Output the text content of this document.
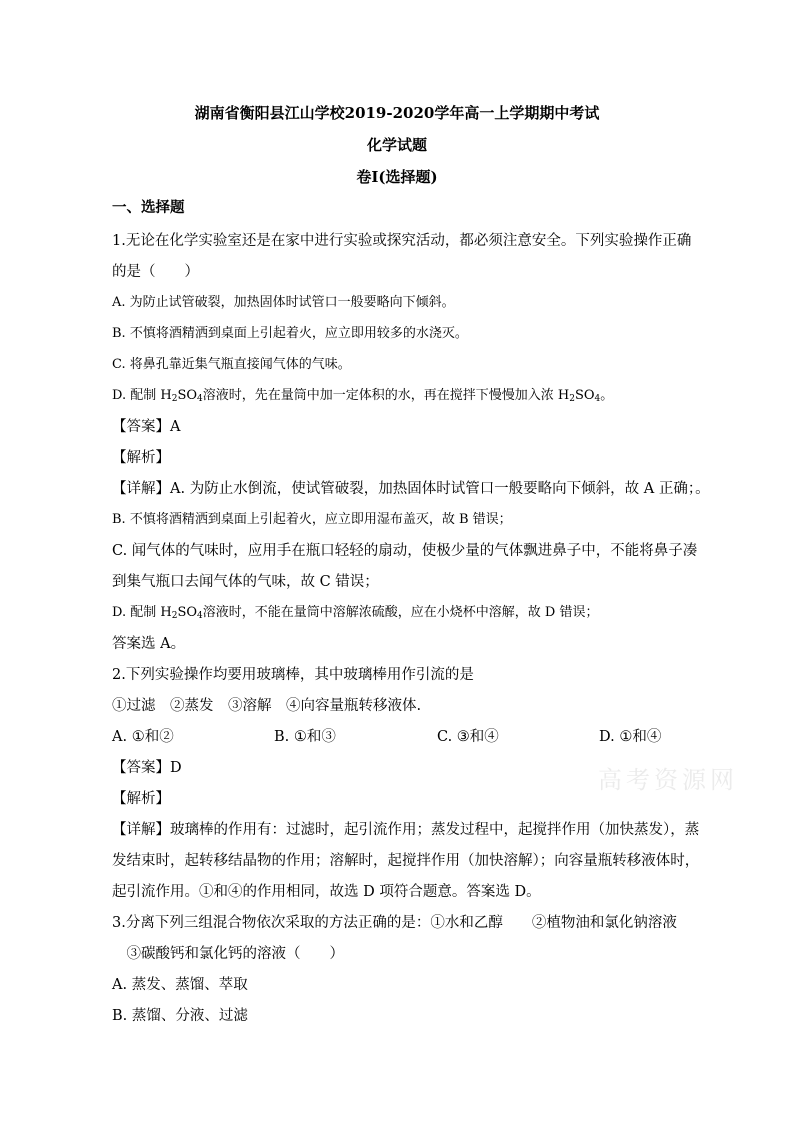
湖南省衡阳县江山学校2019-2020学年高一上学期期中考试
化学试题
卷Ⅰ(选择题)
一、选择题
1.无论在化学实验室还是在家中进行实验或探究活动，都必须注意安全。下列实验操作正确
的是（　　）
A. 为防止试管破裂，加热固体时试管口一般要略向下倾斜。
B. 不慎将酒精洒到桌面上引起着火，应立即用较多的水浇灭。
C. 将鼻孔靠近集气瓶直接闻气体的气味。
D. 配制 $H_2SO_4$溶液时，先在量筒中加一定体积的水，再在搅拌下慢慢加入浓 $H_2SO_4$。
【答案】A
【解析】
【详解】A. 为防止水倒流，使试管破裂，加热固体时试管口一般要略向下倾斜，故 A 正确；。
B. 不慎将酒精洒到桌面上引起着火，应立即用湿布盖灭，故 B 错误；
C. 闻气体的气味时，应用手在瓶口轻轻的扇动，使极少量的气体飘进鼻子中，不能将鼻子凑
到集气瓶口去闻气体的气味，故 C 错误；
D. 配制 $H_2SO_4$溶液时，不能在量筒中溶解浓硫酸，应在小烧杯中溶解，故 D 错误；
答案选 A。
2.下列实验操作均要用玻璃棒，其中玻璃棒用作引流的是
①过滤　②蒸发　③溶解　④向容量瓶转移液体.
A. ①和②	B. ①和③	C. ③和④	D. ①和④
【答案】D
【解析】
【详解】玻璃棒的作用有：过滤时，起引流作用；蒸发过程中，起搅拌作用（加快蒸发），蒸
发结束时，起转移结晶物的作用；溶解时，起搅拌作用（加快溶解）；向容量瓶转移液体时，
起引流作用。①和④的作用相同，故选 D 项符合题意。答案选 D。
3.分离下列三组混合物依次采取的方法正确的是：①水和乙醇　　②植物油和氯化钠溶液
　③碳酸钙和氯化钙的溶液（　　）
A. 蒸发、蒸馏、萃取
B. 蒸馏、分液、过滤
高考资源网
